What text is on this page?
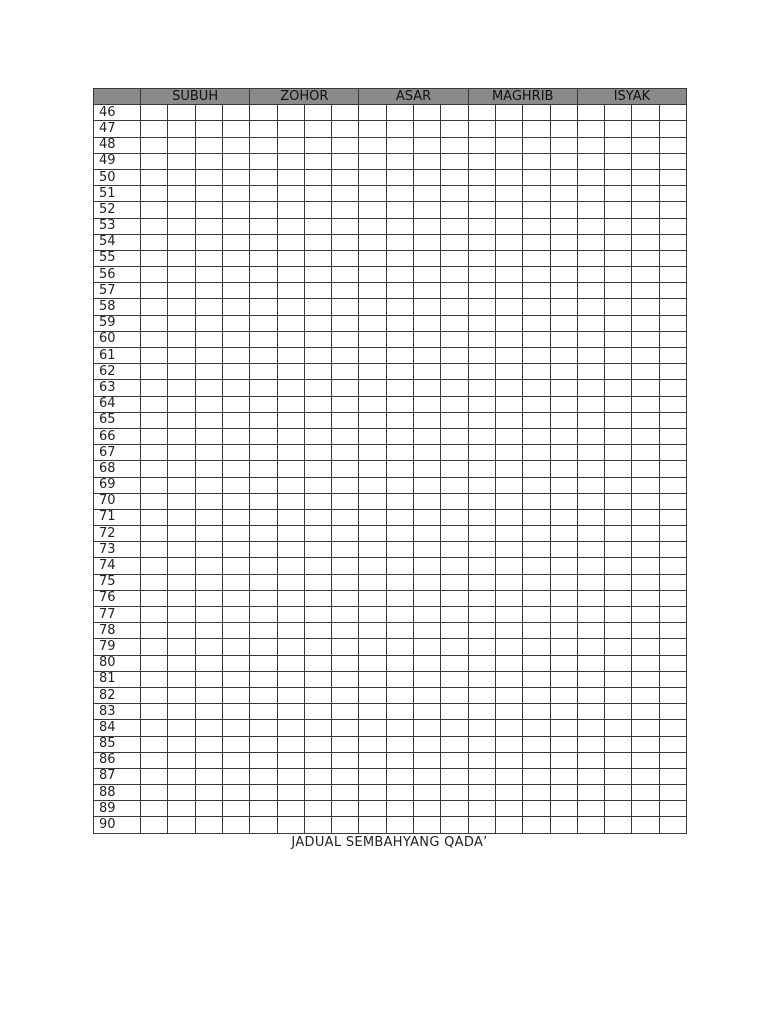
	SUBUH				ZOHOR				ASAR				MAGHRIB				ISYAK			
46																				
47																				
48																				
49																				
50																				
51																				
52																				
53																				
54																				
55																				
56																				
57																				
58																				
59																				
60																				
61																				
62																				
63																				
64																				
65																				
66																				
67																				
68																				
69																				
70																				
71																				
72																				
73																				
74																				
75																				
76																				
77																				
78																				
79																				
80																				
81																				
82																				
83																				
84																				
85																				
86																				
87																				
88																				
89																				
90																				
JADUAL SEMBAHYANG QADA’
